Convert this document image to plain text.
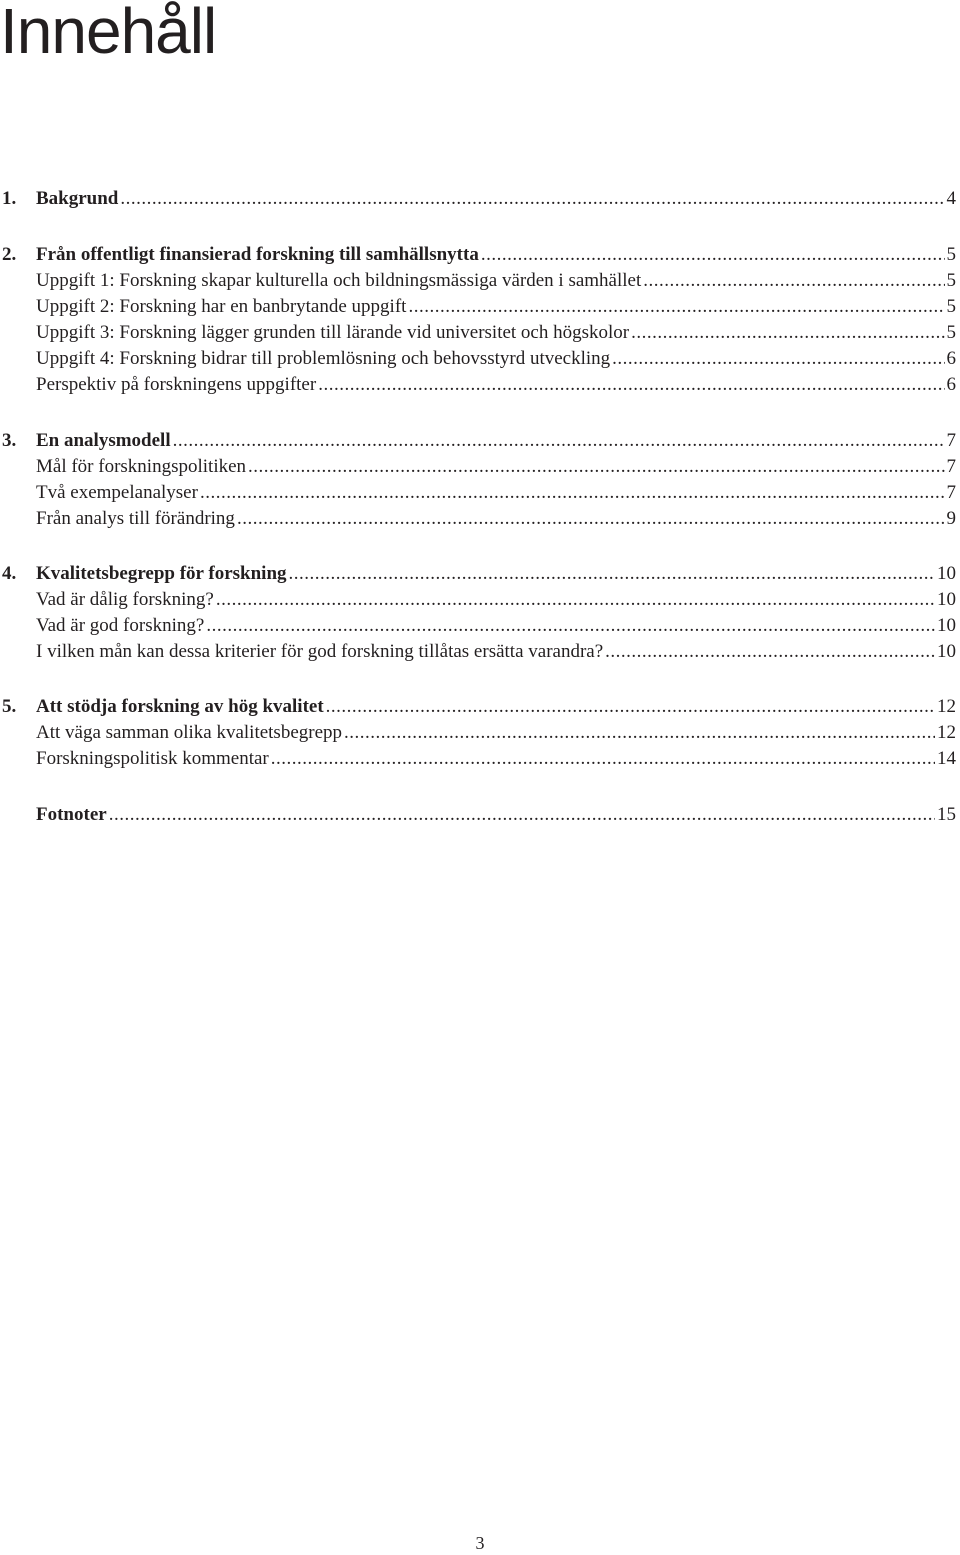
Innehåll
1. Bakgrund .....	4
2. Från offentligt finansierad forskning till samhällsnytta .....	5
Uppgift 1: Forskning skapar kulturella och bildningsmässiga värden i samhället .....	5
Uppgift 2: Forskning har en banbrytande uppgift .....	5
Uppgift 3: Forskning lägger grunden till lärande vid universitet och högskolor .....	5
Uppgift 4: Forskning bidrar till problemlösning och behovsstyrd utveckling .....	6
Perspektiv på forskningens uppgifter .....	6
3. En analysmodell .....	7
Mål för forskningspolitiken .....	7
Två exempelanalyser .....	7
Från analys till förändring .....	9
4. Kvalitetsbegrepp för forskning .....	10
Vad är dålig forskning? .....	10
Vad är god forskning? .....	10
I vilken mån kan dessa kriterier för god forskning tillåtas ersätta varandra? .....	10
5. Att stödja forskning av hög kvalitet .....	12
Att väga samman olika kvalitetsbegrepp .....	12
Forskningspolitisk kommentar .....	14
Fotnoter .....	15
3
